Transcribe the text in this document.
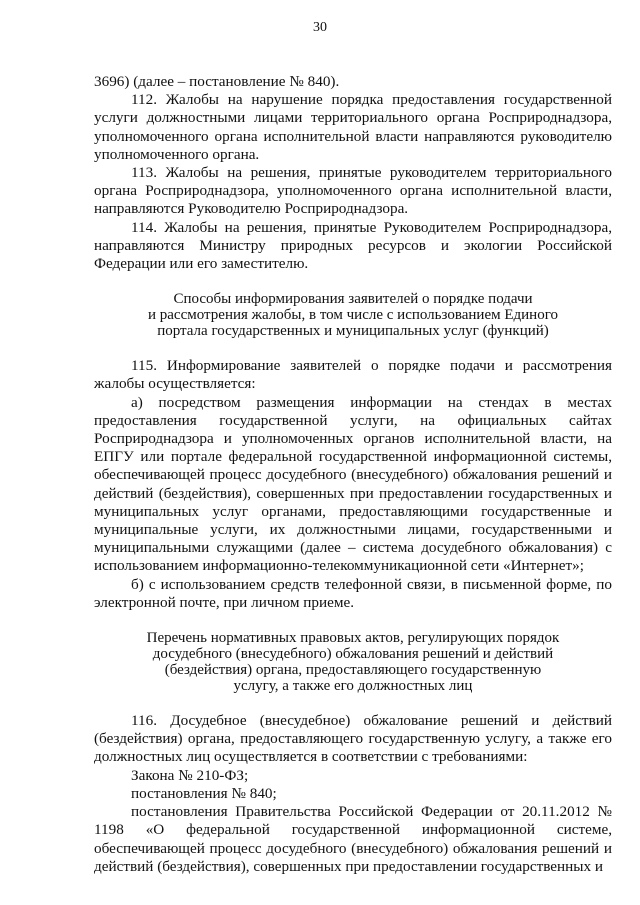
30

3696) (далее – постановление № 840).

112. Жалобы на нарушение порядка предоставления государственной услуги должностными лицами территориального органа Росприроднадзора, уполномоченного органа исполнительной власти направляются руководителю уполномоченного органа.

113. Жалобы на решения, принятые руководителем территориального органа Росприроднадзора, уполномоченного органа исполнительной власти, направляются Руководителю Росприроднадзора.

114. Жалобы на решения, принятые Руководителем Росприроднадзора, направляются Министру природных ресурсов и экологии Российской Федерации или его заместителю.

Способы информирования заявителей о порядке подачи
и рассмотрения жалобы, в том числе с использованием Единого
портала государственных и муниципальных услуг (функций)

115. Информирование заявителей о порядке подачи и рассмотрения жалобы осуществляется:

а) посредством размещения информации на стендах в местах предоставления государственной услуги, на официальных сайтах Росприроднадзора и уполномоченных органов исполнительной власти, на ЕПГУ или портале федеральной государственной информационной системы, обеспечивающей процесс досудебного (внесудебного) обжалования решений и действий (бездействия), совершенных при предоставлении государственных и муниципальных услуг органами, предоставляющими государственные и муниципальные услуги, их должностными лицами, государственными и муниципальными служащими (далее – система досудебного обжалования) с использованием информационно-телекоммуникационной сети «Интернет»;

б) с использованием средств телефонной связи, в письменной форме, по электронной почте, при личном приеме.

Перечень нормативных правовых актов, регулирующих порядок
досудебного (внесудебного) обжалования решений и действий
(бездействия) органа, предоставляющего государственную
услугу, а также его должностных лиц

116. Досудебное (внесудебное) обжалование решений и действий (бездействия) органа, предоставляющего государственную услугу, а также его должностных лиц осуществляется в соответствии с требованиями:

Закона № 210-ФЗ;

постановления № 840;

постановления Правительства Российской Федерации от 20.11.2012 № 1198 «О федеральной государственной информационной системе, обеспечивающей процесс досудебного (внесудебного) обжалования решений и действий (бездействия), совершенных при предоставлении государственных и
